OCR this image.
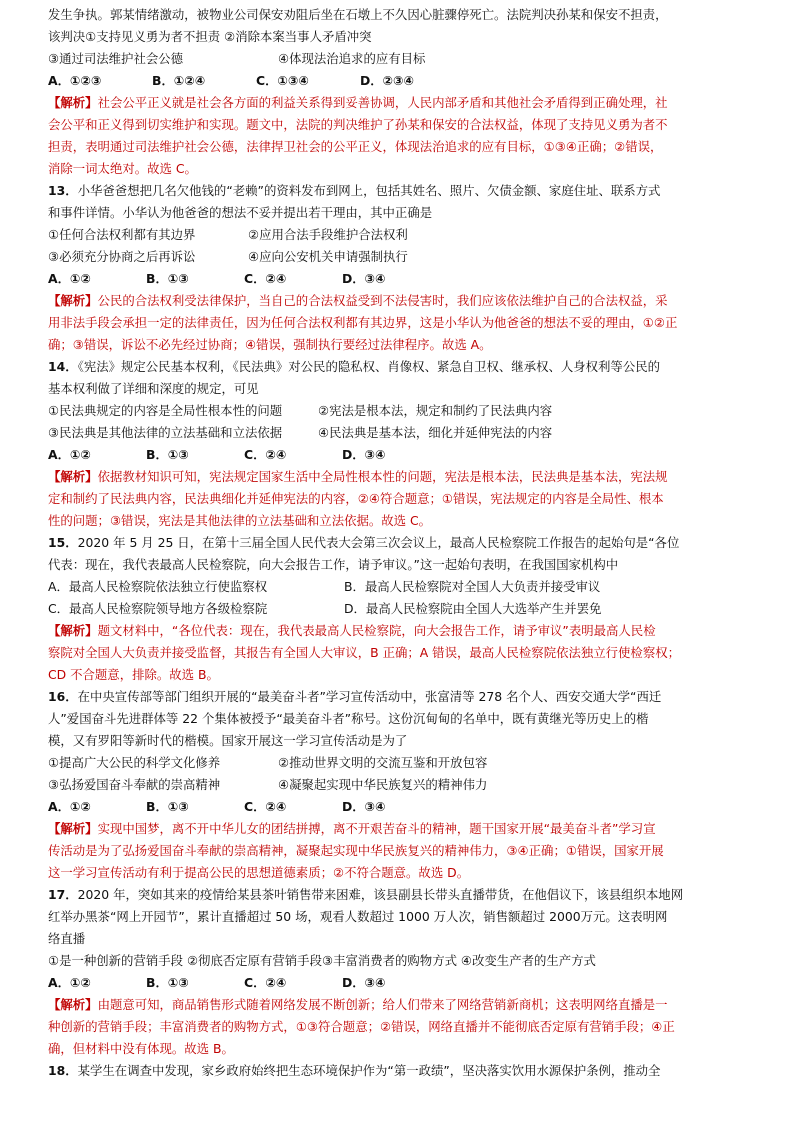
发生争执。郭某情绪激动，被物业公司保安劝阻后坐在石墩上不久因心脏骤停死亡。法院判决孙某和保安不担责，
该判决①支持见义勇为者不担责 ②消除本案当事人矛盾冲突
③通过司法维护社会公德	④体现法治追求的应有目标
A．①②③	B．①②④	C．①③④	D．②③④
【解析】社会公平正义就是社会各方面的利益关系得到妥善协调，人民内部矛盾和其他社会矛盾得到正确处理，社
会公平和正义得到切实维护和实现。题文中，法院的判决维护了孙某和保安的合法权益，体现了支持见义勇为者不
担责，表明通过司法维护社会公德，法律捍卫社会的公平正义，体现法治追求的应有目标，①③④正确；②错误，
消除一词太绝对。故选 C。
13．小华爸爸想把几名欠他钱的“老赖”的资料发布到网上，包括其姓名、照片、欠债金额、家庭住址、联系方式
和事件详情。小华认为他爸爸的想法不妥并提出若干理由，其中正确是
①任何合法权利都有其边界	②应用合法手段维护合法权利
③必须充分协商之后再诉讼	④应向公安机关申请强制执行
A．①②	B．①③	C．②④	D．③④
【解析】公民的合法权利受法律保护，当自己的合法权益受到不法侵害时，我们应该依法维护自己的合法权益，采
用非法手段会承担一定的法律责任，因为任何合法权利都有其边界，这是小华认为他爸爸的想法不妥的理由，①②正
确；③错误，诉讼不必先经过协商；④错误，强制执行要经过法律程序。故选 A。
14．《宪法》规定公民基本权利，《民法典》对公民的隐私权、肖像权、紧急自卫权、继承权、人身权利等公民的
基本权利做了详细和深度的规定，可见
①民法典规定的内容是全局性根本性的问题	②宪法是根本法，规定和制约了民法典内容
③民法典是其他法律的立法基础和立法依据	④民法典是基本法，细化并延伸宪法的内容
A．①②	B．①③	C．②④	D．③④
【解析】依据教材知识可知，宪法规定国家生活中全局性根本性的问题，宪法是根本法，民法典是基本法，宪法规
定和制约了民法典内容，民法典细化并延伸宪法的内容，②④符合题意；①错误，宪法规定的内容是全局性、根本
性的问题；③错误，宪法是其他法律的立法基础和立法依据。故选 C。
15．2020 年 5 月 25 日，在第十三届全国人民代表大会第三次会议上，最高人民检察院工作报告的起始句是“各位
代表：现在，我代表最高人民检察院，向大会报告工作，请予审议。”这一起始句表明，在我国国家机构中
A．最高人民检察院依法独立行使监察权	B．最高人民检察院对全国人大负责并接受审议
C．最高人民检察院领导地方各级检察院	D．最高人民检察院由全国人大选举产生并罢免
【解析】题文材料中，“各位代表：现在，我代表最高人民检察院，向大会报告工作，请予审议”表明最高人民检
察院对全国人大负责并接受监督，其报告有全国人大审议，B 正确；A 错误，最高人民检察院依法独立行使检察权；
CD 不合题意，排除。故选 B。
16．在中央宣传部等部门组织开展的“最美奋斗者”学习宣传活动中，张富清等 278 名个人、西安交通大学“西迁
人”爱国奋斗先进群体等 22 个集体被授予“最美奋斗者”称号。这份沉甸甸的名单中，既有黄继光等历史上的楷
模，又有罗阳等新时代的楷模。国家开展这一学习宣传活动是为了
①提高广大公民的科学文化修养	②推动世界文明的交流互鉴和开放包容
③弘扬爱国奋斗奉献的崇高精神	④凝聚起实现中华民族复兴的精神伟力
A．①②	B．①③	C．②④	D．③④
【解析】实现中国梦，离不开中华儿女的团结拼搏，离不开艰苦奋斗的精神，题干国家开展“最美奋斗者”学习宣
传活动是为了弘扬爱国奋斗奉献的崇高精神，凝聚起实现中华民族复兴的精神伟力，③④正确；①错误，国家开展
这一学习宣传活动有利于提高公民的思想道德素质；②不符合题意。故选 D。
17．2020 年，突如其来的疫情给某县茶叶销售带来困难，该县副县长带头直播带货，在他倡议下，该县组织本地网
红举办黑茶“网上开园节”，累计直播超过 50 场，观看人数超过 1000 万人次，销售额超过 2000万元。这表明网
络直播
①是一种创新的营销手段 ②彻底否定原有营销手段③丰富消费者的购物方式 ④改变生产者的生产方式
A．①②	B．①③	C．②④	D．③④
【解析】由题意可知，商品销售形式随着网络发展不断创新；给人们带来了网络营销新商机；这表明网络直播是一
种创新的营销手段；丰富消费者的购物方式，①③符合题意；②错误，网络直播并不能彻底否定原有营销手段；④正
确，但材料中没有体现。故选 B。
18．某学生在调查中发现，家乡政府始终把生态环境保护作为“第一政绩”，坚决落实饮用水源保护条例，推动全
